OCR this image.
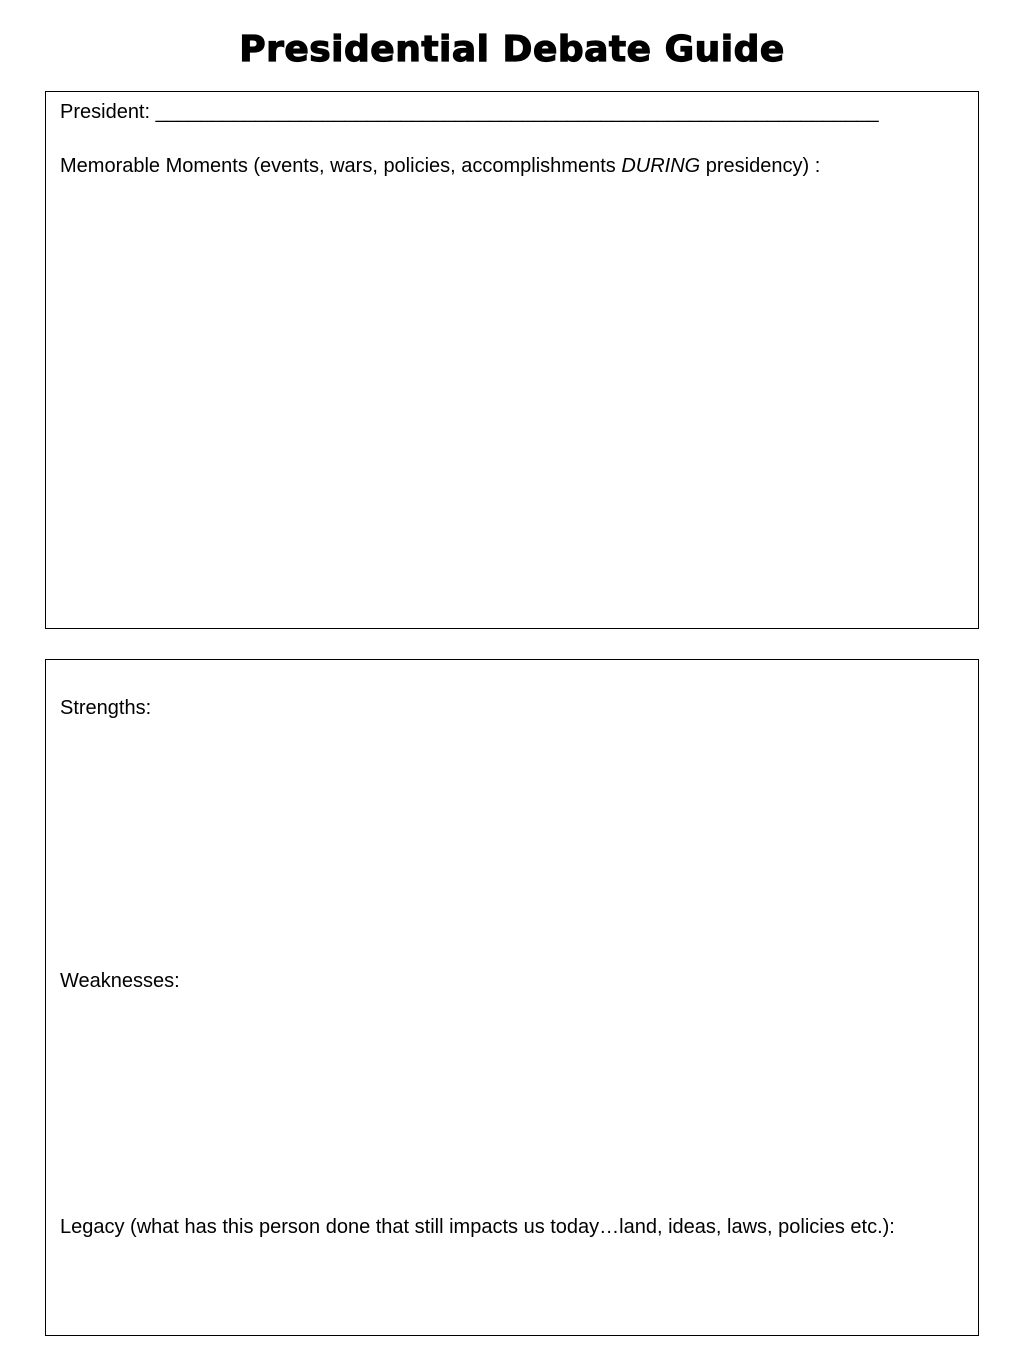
Presidential Debate Guide
President: _________________________________________________________________
Memorable Moments (events, wars, policies, accomplishments DURING presidency) :
Strengths:
Weaknesses:
Legacy (what has this person done that still impacts us today…land, ideas, laws, policies etc.):
